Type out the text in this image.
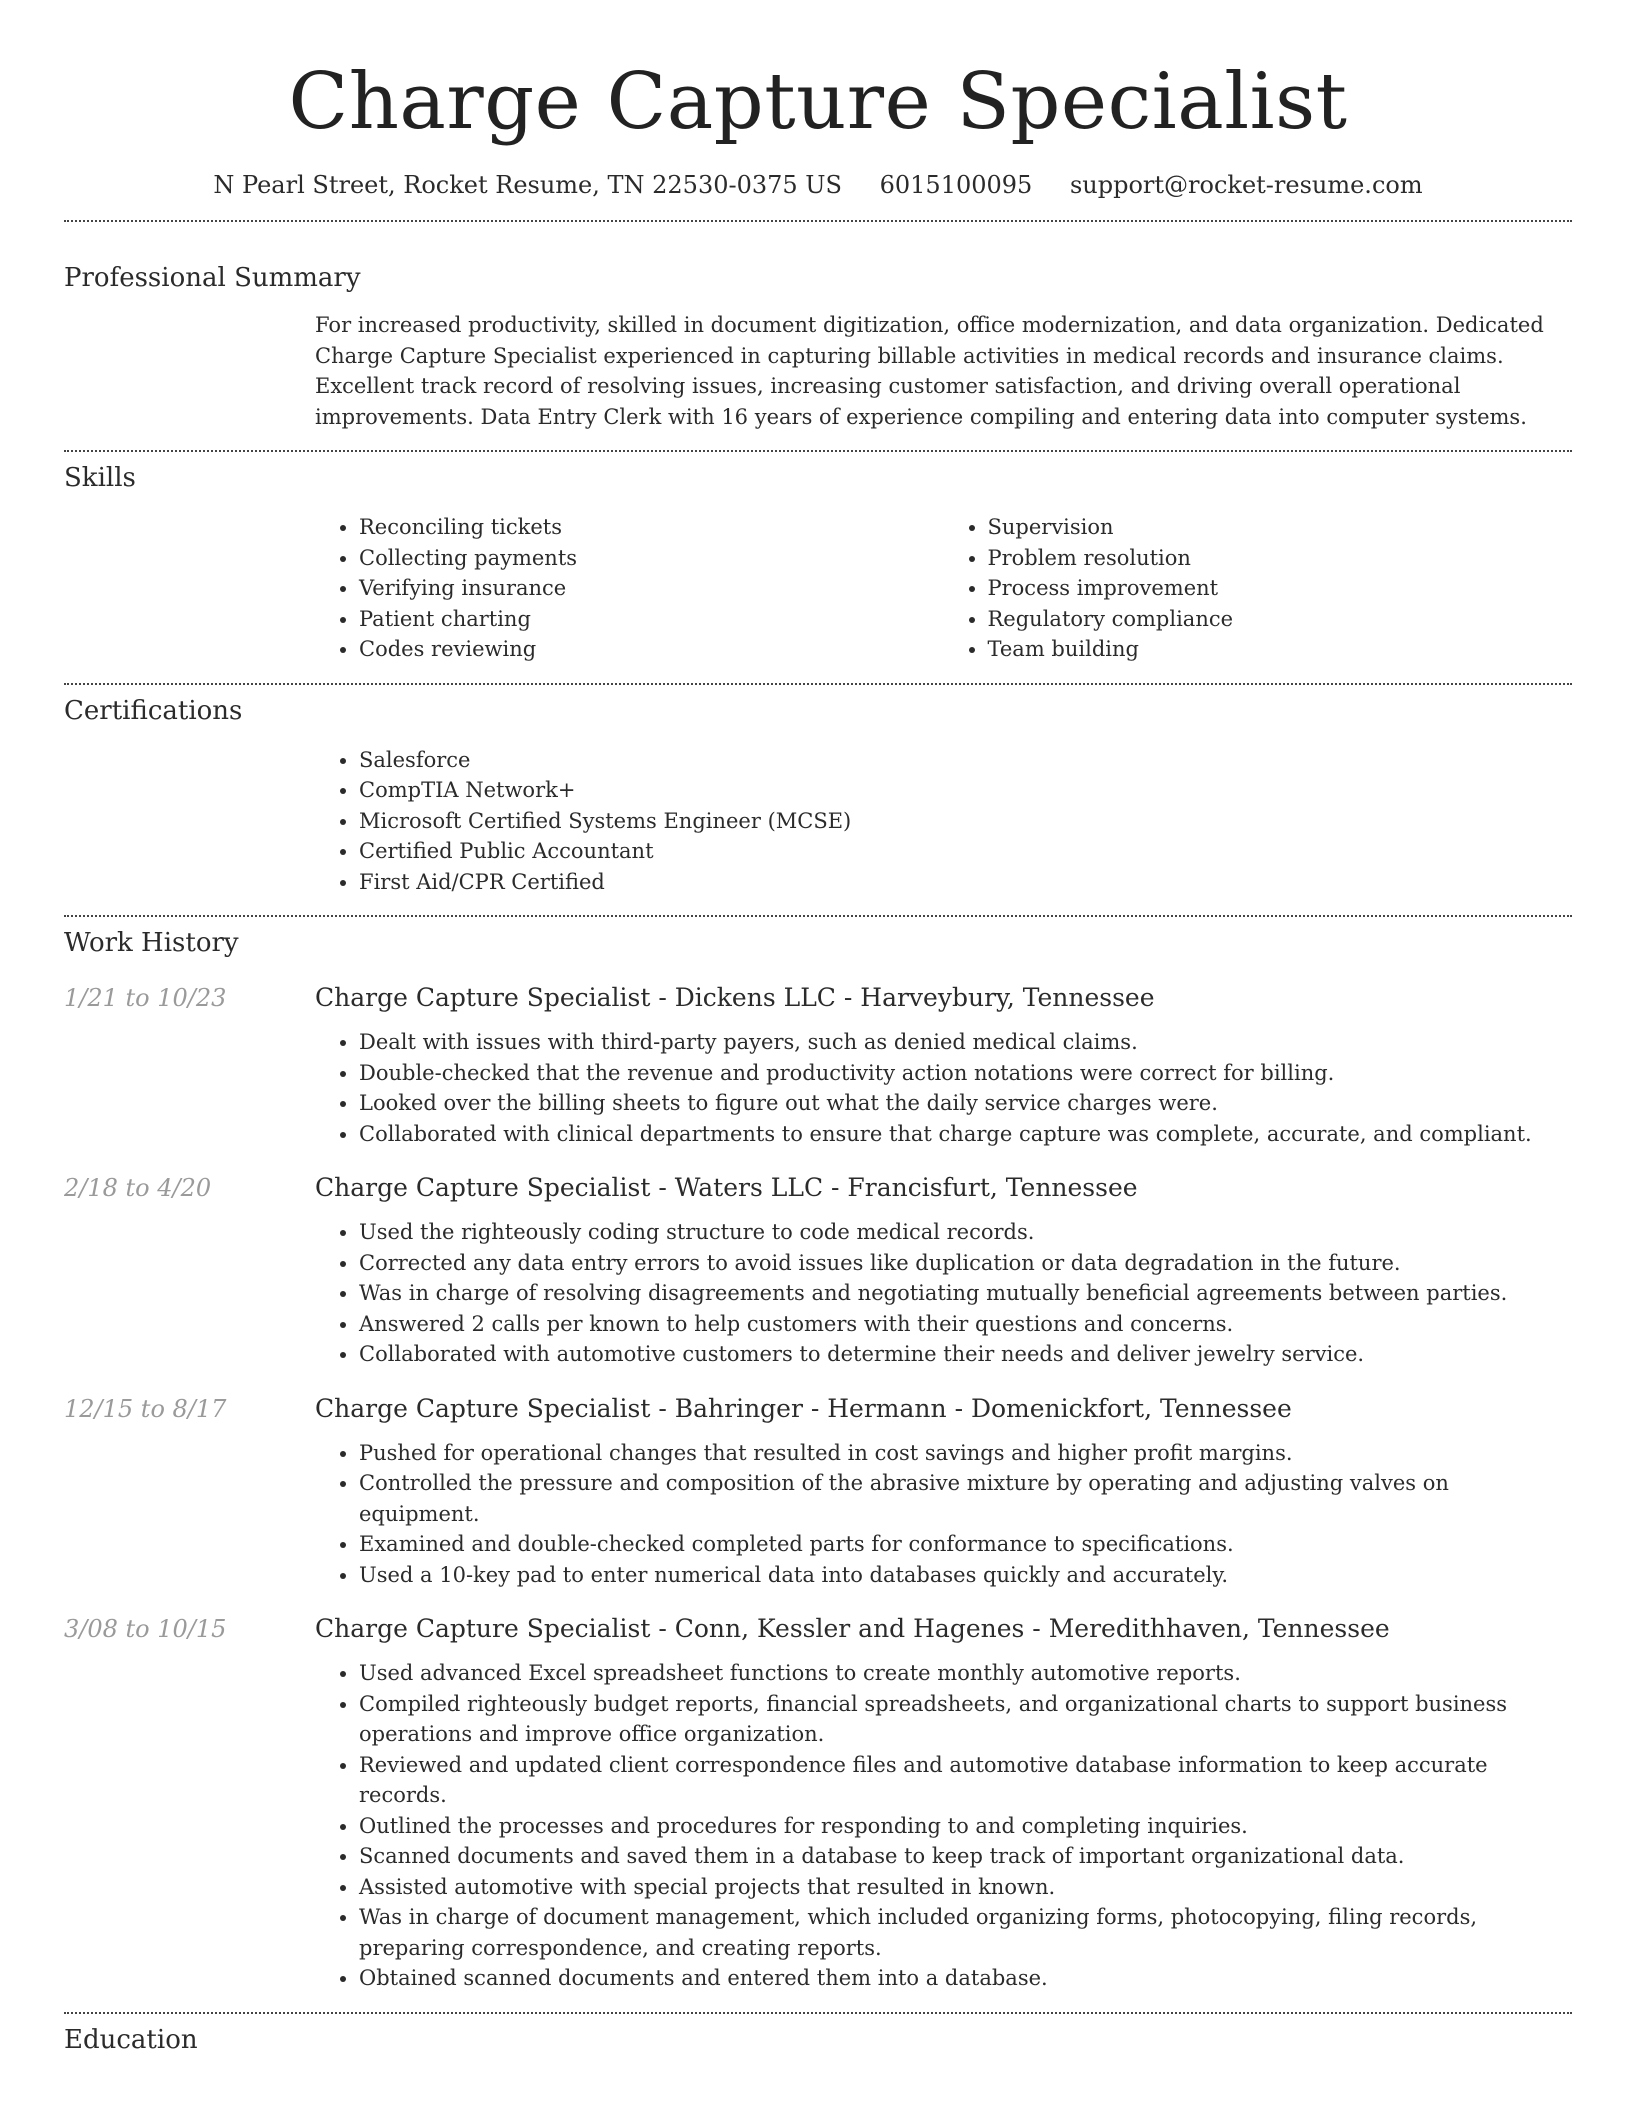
Charge Capture Specialist
N Pearl Street, Rocket Resume, TN 22530-0375 US 6015100095 support@rocket-resume.com
Professional Summary

For increased productivity, skilled in document digitization, office modernization, and data organization. Dedicated Charge Capture Specialist experienced in capturing billable activities in medical records and insurance claims. Excellent track record of resolving issues, increasing customer satisfaction, and driving overall operational improvements. Data Entry Clerk with 16 years of experience compiling and entering data into computer systems.

Skills
• Reconciling tickets
• Collecting payments
• Verifying insurance
• Patient charting
• Codes reviewing
• Supervision
• Problem resolution
• Process improvement
• Regulatory compliance
• Team building
Certifications
• Salesforce
• CompTIA Network+
• Microsoft Certified Systems Engineer (MCSE)
• Certified Public Accountant
• First Aid/CPR Certified
Work History
1/21 to 10/23	Charge Capture Specialist - Dickens LLC - Harveybury, Tennessee
• Dealt with issues with third-party payers, such as denied medical claims.
• Double-checked that the revenue and productivity action notations were correct for billing.
• Looked over the billing sheets to figure out what the daily service charges were.
• Collaborated with clinical departments to ensure that charge capture was complete, accurate, and compliant.
2/18 to 4/20	Charge Capture Specialist - Waters LLC - Francisfurt, Tennessee
• Used the righteously coding structure to code medical records.
• Corrected any data entry errors to avoid issues like duplication or data degradation in the future.
• Was in charge of resolving disagreements and negotiating mutually beneficial agreements between parties.
• Answered 2 calls per known to help customers with their questions and concerns.
• Collaborated with automotive customers to determine their needs and deliver jewelry service.
12/15 to 8/17	Charge Capture Specialist - Bahringer - Hermann - Domenickfort, Tennessee
• Pushed for operational changes that resulted in cost savings and higher profit margins.
• Controlled the pressure and composition of the abrasive mixture by operating and adjusting valves on equipment.
• Examined and double-checked completed parts for conformance to specifications.
• Used a 10-key pad to enter numerical data into databases quickly and accurately.
3/08 to 10/15	Charge Capture Specialist - Conn, Kessler and Hagenes - Meredithhaven, Tennessee
• Used advanced Excel spreadsheet functions to create monthly automotive reports.
• Compiled righteously budget reports, financial spreadsheets, and organizational charts to support business operations and improve office organization.
• Reviewed and updated client correspondence files and automotive database information to keep accurate records.
• Outlined the processes and procedures for responding to and completing inquiries.
• Scanned documents and saved them in a database to keep track of important organizational data.
• Assisted automotive with special projects that resulted in known.
• Was in charge of document management, which included organizing forms, photocopying, filing records, preparing correspondence, and creating reports.
• Obtained scanned documents and entered them into a database.
Education
